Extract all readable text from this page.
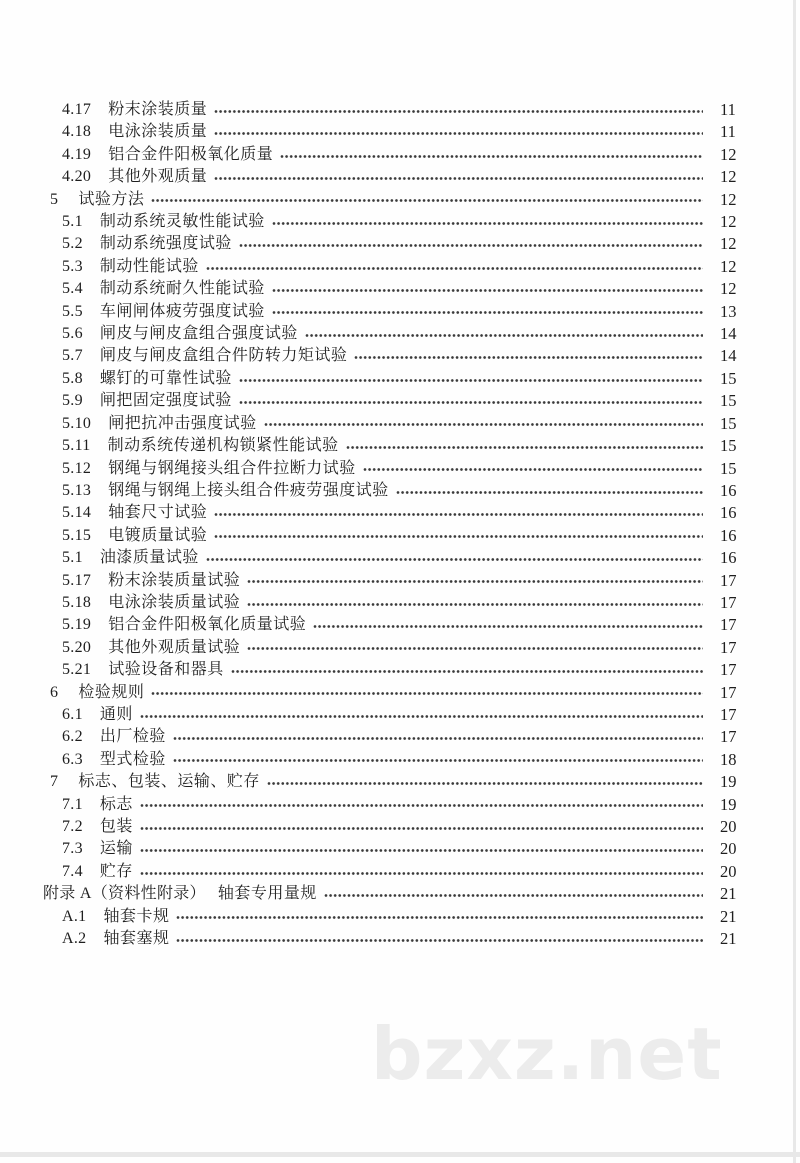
4.17 粉末涂装质量	11
4.18 电泳涂装质量	11
4.19 铝合金件阳极氧化质量	12
4.20 其他外观质量	12
5 试验方法	12
5.1 制动系统灵敏性能试验	12
5.2 制动系统强度试验	12
5.3 制动性能试验	12
5.4 制动系统耐久性能试验	12
5.5 车闸闸体疲劳强度试验	13
5.6 闸皮与闸皮盒组合强度试验	14
5.7 闸皮与闸皮盒组合件防转力矩试验	14
5.8 螺钉的可靠性试验	15
5.9 闸把固定强度试验	15
5.10 闸把抗冲击强度试验	15
5.11 制动系统传递机构锁紧性能试验	15
5.12 钢绳与钢绳接头组合件拉断力试验	15
5.13 钢绳与钢绳上接头组合件疲劳强度试验	16
5.14 轴套尺寸试验	16
5.15 电镀质量试验	16
5.1 油漆质量试验	16
5.17 粉末涂装质量试验	17
5.18 电泳涂装质量试验	17
5.19 铝合金件阳极氧化质量试验	17
5.20 其他外观质量试验	17
5.21 试验设备和器具	17
6 检验规则	17
6.1 通则	17
6.2 出厂检验	17
6.3 型式检验	18
7 标志、包装、运输、贮存	19
7.1 标志	19
7.2 包装	20
7.3 运输	20
7.4 贮存	20
附录 A（资料性附录） 轴套专用量规	21
A.1 轴套卡规	21
A.2 轴套塞规	21
bzxz.net
